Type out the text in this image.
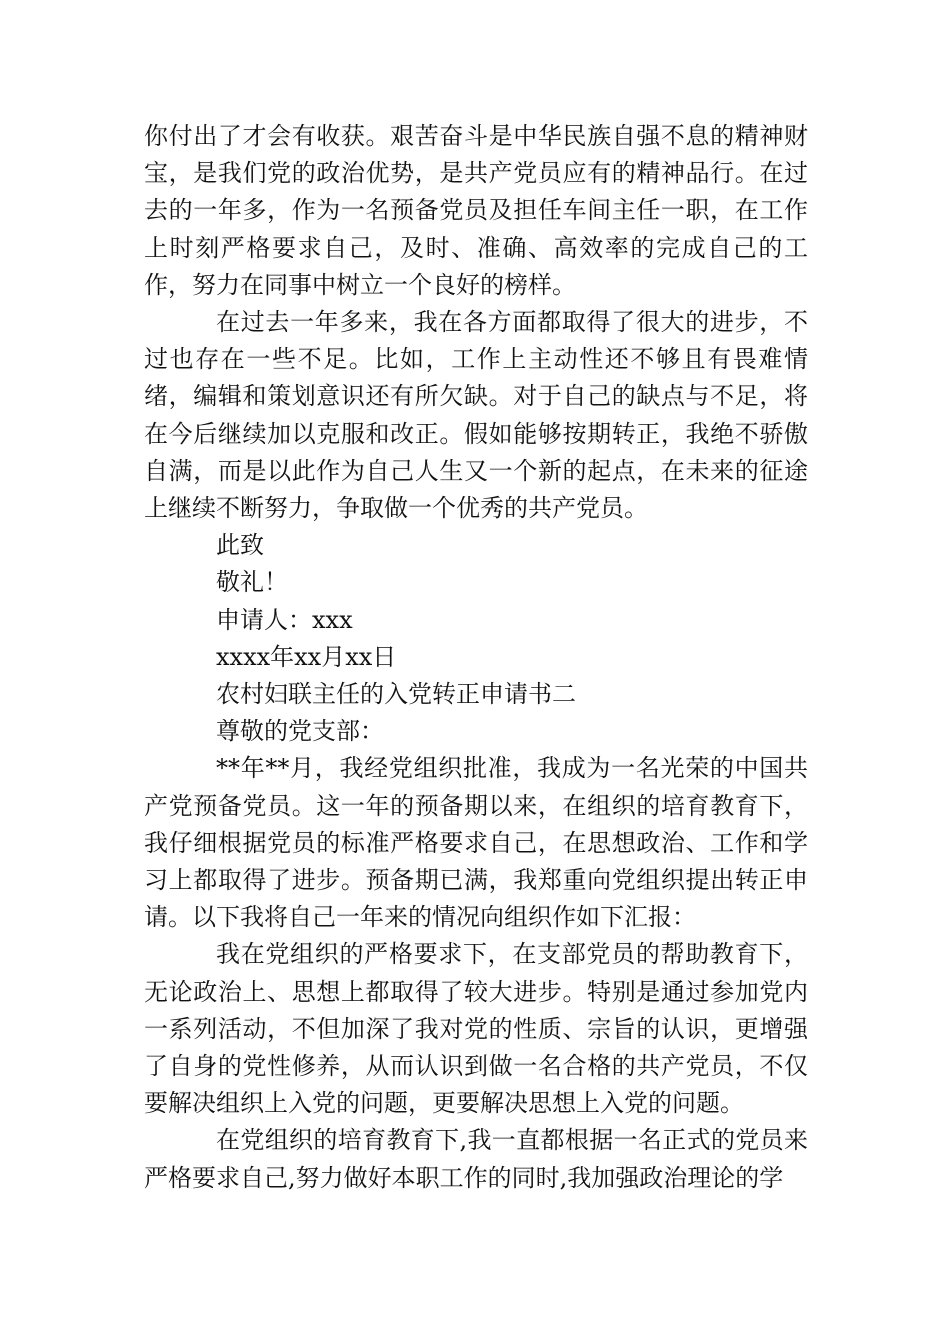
你付出了才会有收获。艰苦奋斗是中华民族自强不息的精神财宝，是我们党的政治优势，是共产党员应有的精神品行。在过去的一年多，作为一名预备党员及担任车间主任一职，在工作上时刻严格要求自己，及时、准确、高效率的完成自己的工作，努力在同事中树立一个良好的榜样。

在过去一年多来，我在各方面都取得了很大的进步，不过也存在一些不足。比如，工作上主动性还不够且有畏难情绪，编辑和策划意识还有所欠缺。对于自己的缺点与不足，将在今后继续加以克服和改正。假如能够按期转正，我绝不骄傲自满，而是以此作为自己人生又一个新的起点，在未来的征途上继续不断努力，争取做一个优秀的共产党员。

此致

敬礼！

申请人：xxx

xxxx年xx月xx日

农村妇联主任的入党转正申请书二

尊敬的党支部：

**年**月，我经党组织批准，我成为一名光荣的中国共产党预备党员。这一年的预备期以来，在组织的培育教育下，我仔细根据党员的标准严格要求自己，在思想政治、工作和学习上都取得了进步。预备期已满，我郑重向党组织提出转正申请。以下我将自己一年来的情况向组织作如下汇报：

我在党组织的严格要求下，在支部党员的帮助教育下，无论政治上、思想上都取得了较大进步。特别是通过参加党内一系列活动，不但加深了我对党的性质、宗旨的认识，更增强了自身的党性修养，从而认识到做一名合格的共产党员，不仅要解决组织上入党的问题，更要解决思想上入党的问题。

在党组织的培育教育下,我一直都根据一名正式的党员来严格要求自己,努力做好本职工作的同时,我加强政治理论的学
